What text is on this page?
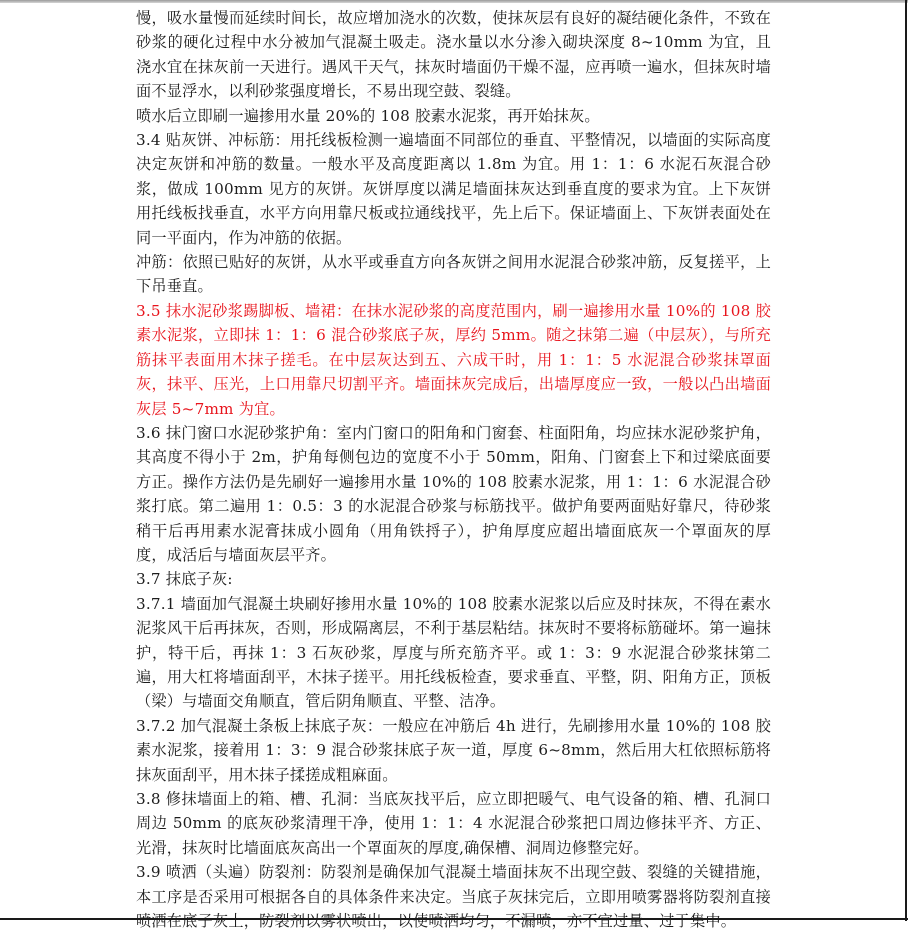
慢，吸水量慢而延续时间长，故应增加浇水的次数，使抹灰层有良好的凝结硬化条件，不致在砂浆的硬化过程中水分被加气混凝土吸走。浇水量以水分渗入砌块深度 8~10mm 为宜，且浇水宜在抹灰前一天进行。遇风干天气，抹灰时墙面仍干燥不湿，应再喷一遍水，但抹灰时墙面不显浮水，以利砂浆强度增长，不易出现空鼓、裂缝。

喷水后立即刷一遍掺用水量 20%的 108 胶素水泥浆，再开始抹灰。

3.4 贴灰饼、冲标筋：用托线板检测一遍墙面不同部位的垂直、平整情况，以墙面的实际高度决定灰饼和冲筋的数量。一般水平及高度距离以 1.8m 为宜。用 1：1：6 水泥石灰混合砂浆，做成 100mm 见方的灰饼。灰饼厚度以满足墙面抹灰达到垂直度的要求为宜。上下灰饼用托线板找垂直，水平方向用靠尺板或拉通线找平，先上后下。保证墙面上、下灰饼表面处在同一平面内，作为冲筋的依据。

冲筋：依照已贴好的灰饼，从水平或垂直方向各灰饼之间用水泥混合砂浆冲筋，反复搓平，上下吊垂直。

3.5 抹水泥砂浆踢脚板、墙裙：在抹水泥砂浆的高度范围内，刷一遍掺用水量 10%的 108 胶素水泥浆，立即抹 1：1：6 混合砂浆底子灰，厚约 5mm。随之抹第二遍（中层灰），与所充筋抹平表面用木抹子搓毛。在中层灰达到五、六成干时，用 1：1：5 水泥混合砂浆抹罩面灰，抹平、压光，上口用靠尺切割平齐。墙面抹灰完成后，出墙厚度应一致，一般以凸出墙面灰层 5~7mm 为宜。

3.6 抹门窗口水泥砂浆护角：室内门窗口的阳角和门窗套、柱面阳角，均应抹水泥砂浆护角，其高度不得小于 2m，护角每侧包边的宽度不小于 50mm，阳角、门窗套上下和过梁底面要方正。操作方法仍是先刷好一遍掺用水量 10%的 108 胶素水泥浆，用 1：1：6 水泥混合砂浆打底。第二遍用 1：0.5：3 的水泥混合砂浆与标筋找平。做护角要两面贴好靠尺，待砂浆稍干后再用素水泥膏抹成小圆角（用角铁捋子），护角厚度应超出墙面底灰一个罩面灰的厚度，成活后与墙面灰层平齐。

3.7 抹底子灰:

3.7.1 墙面加气混凝土块刷好掺用水量 10%的 108 胶素水泥浆以后应及时抹灰，不得在素水泥浆风干后再抹灰，否则，形成隔离层，不利于基层粘结。抹灰时不要将标筋碰坏。第一遍抹护，特干后，再抹 1：3 石灰砂浆，厚度与所充筋齐平。或 1：3：9 水泥混合砂浆抹第二遍，用大杠将墙面刮平，木抹子搓平。用托线板检查，要求垂直、平整，阴、阳角方正，顶板（梁）与墙面交角顺直，管后阴角顺直、平整、洁净。

3.7.2 加气混凝土条板上抹底子灰：一般应在冲筋后 4h 进行，先刷掺用水量 10%的 108 胶素水泥浆，接着用 1：3：9 混合砂浆抹底子灰一道，厚度 6~8mm，然后用大杠依照标筋将抹灰面刮平，用木抹子揉搓成粗麻面。

3.8 修抹墙面上的箱、槽、孔洞：当底灰找平后，应立即把暖气、电气设备的箱、槽、孔洞口周边 50mm 的底灰砂浆清理干净，使用 1：1：4 水泥混合砂浆把口周边修抹平齐、方正、光滑，抹灰时比墙面底灰高出一个罩面灰的厚度,确保槽、洞周边修整完好。

3.9 喷洒（头遍）防裂剂：防裂剂是确保加气混凝土墙面抹灰不出现空鼓、裂缝的关键措施，本工序是否采用可根据各自的具体条件来决定。当底子灰抹完后，立即用喷雾器将防裂剂直接喷洒在底子灰上，防裂剂以雾状喷出，以使喷洒均匀，不漏喷，亦不宜过量、过于集中。
